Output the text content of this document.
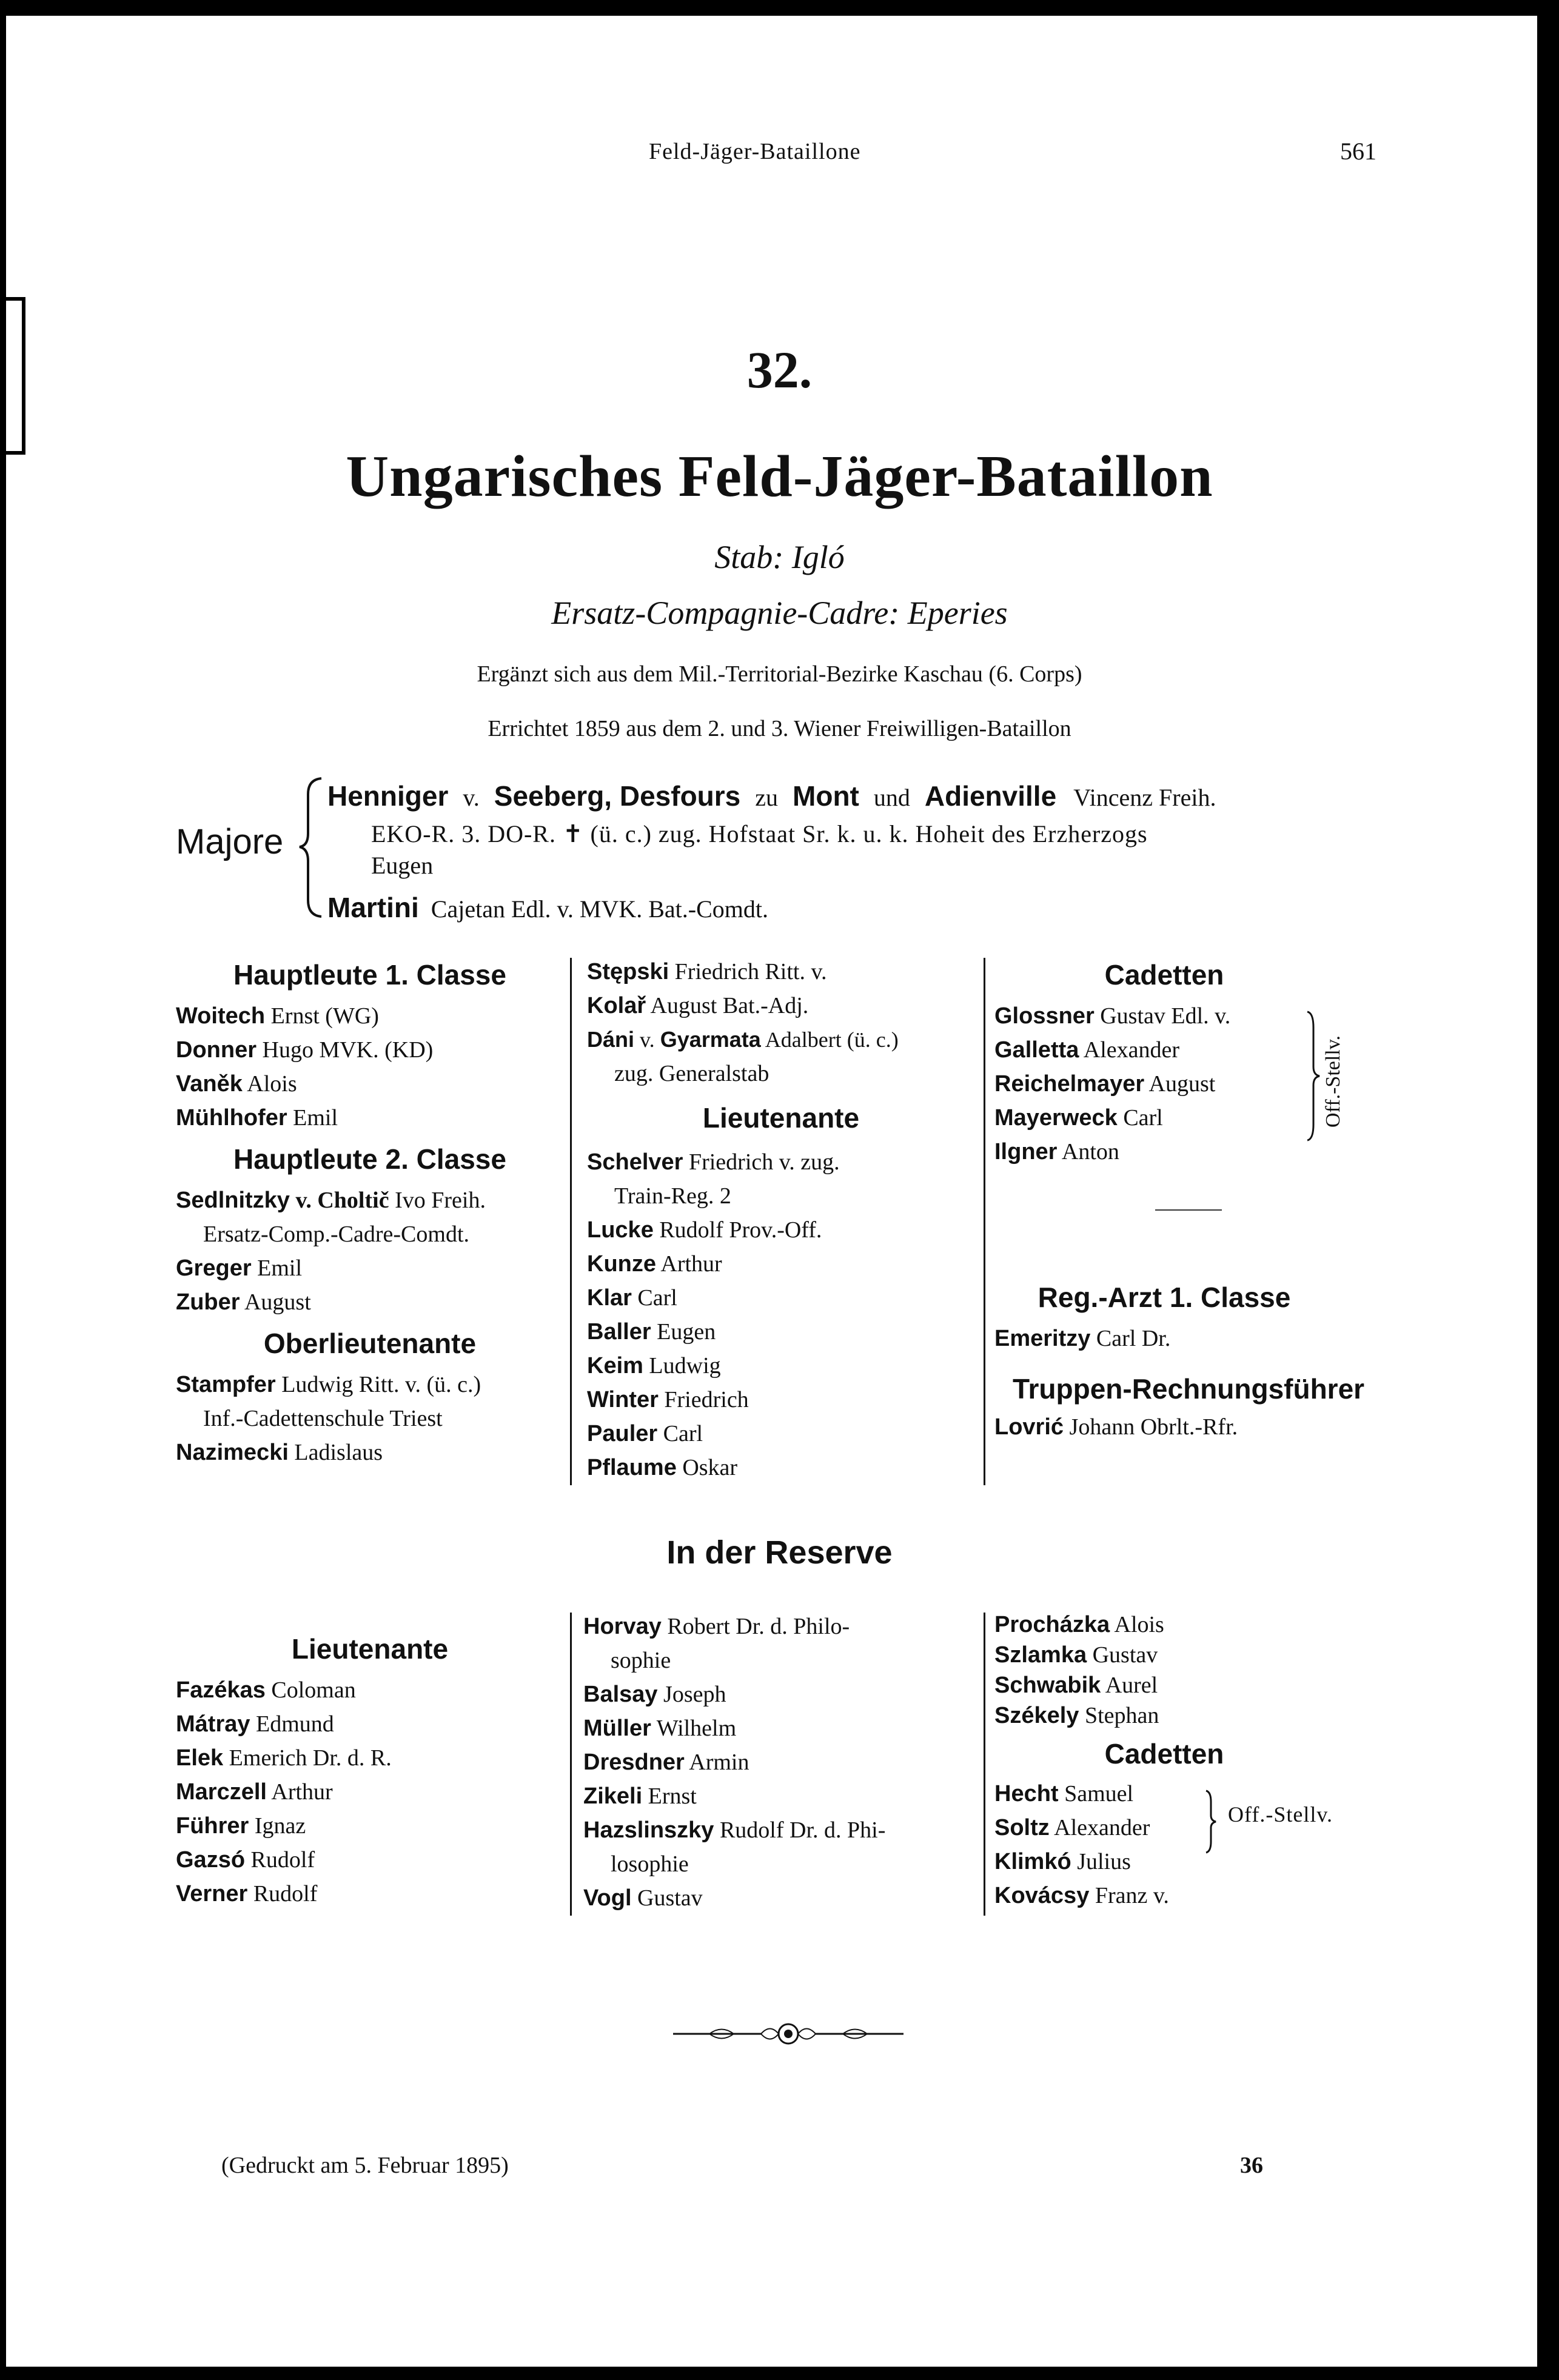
Feld-Jäger-Bataillone	561
32.
Ungarisches Feld-Jäger-Bataillon
Stab: Igló
Ersatz-Compagnie-Cadre: Eperies
Ergänzt sich aus dem Mil.-Territorial-Bezirke Kaschau (6. Corps)
Errichtet 1859 aus dem 2. und 3. Wiener Freiwilligen-Bataillon
Majore
Henniger v. Seeberg, Desfours zu Mont und Adienville Vincenz Freih.
EKO-R. 3. DO-R. ✝ (ü. c.) zug. Hofstaat Sr. k. u. k. Hoheit des Erzherzogs
Eugen
Martini Cajetan Edl. v. MVK. Bat.-Comdt.
Hauptleute 1. Classe
Woitech Ernst (WG)
Donner Hugo MVK. (KD)
Vaněk Alois
Mühlhofer Emil
Hauptleute 2. Classe
Sedlnitzky v. Choltič Ivo Freih.
Ersatz-Comp.-Cadre-Comdt.
Greger Emil
Zuber August
Oberlieutenante
Stampfer Ludwig Ritt. v. (ü. c.)
Inf.-Cadettenschule Triest
Nazimecki Ladislaus
Stępski Friedrich Ritt. v.
Kolař August Bat.-Adj.
Dáni v. Gyarmata Adalbert (ü. c.)
zug. Generalstab
Lieutenante
Schelver Friedrich v. zug.
Train-Reg. 2
Lucke Rudolf Prov.-Off.
Kunze Arthur
Klar Carl
Baller Eugen
Keim Ludwig
Winter Friedrich
Pauler Carl
Pflaume Oskar
Cadetten
Glossner Gustav Edl. v.
Galletta Alexander
Reichelmayer August
Mayerweck Carl
Ilgner Anton
Off.-Stellv.
Reg.-Arzt 1. Classe
Emeritzy Carl Dr.
Truppen-Rechnungsführer
Lovrić Johann Obrlt.-Rfr.
In der Reserve
Lieutenante
Fazékas Coloman
Mátray Edmund
Elek Emerich Dr. d. R.
Marczell Arthur
Führer Ignaz
Gazsó Rudolf
Verner Rudolf
Horvay Robert Dr. d. Philo-
sophie
Balsay Joseph
Müller Wilhelm
Dresdner Armin
Zikeli Ernst
Hazslinszky Rudolf Dr. d. Phi-
losophie
Vogl Gustav
Procházka Alois
Szlamka Gustav
Schwabik Aurel
Székely Stephan
Cadetten
Hecht Samuel
Soltz Alexander
Klimkó Julius
Kovácsy Franz v.
Off.-Stellv.
(Gedruckt am 5. Februar 1895)	36
